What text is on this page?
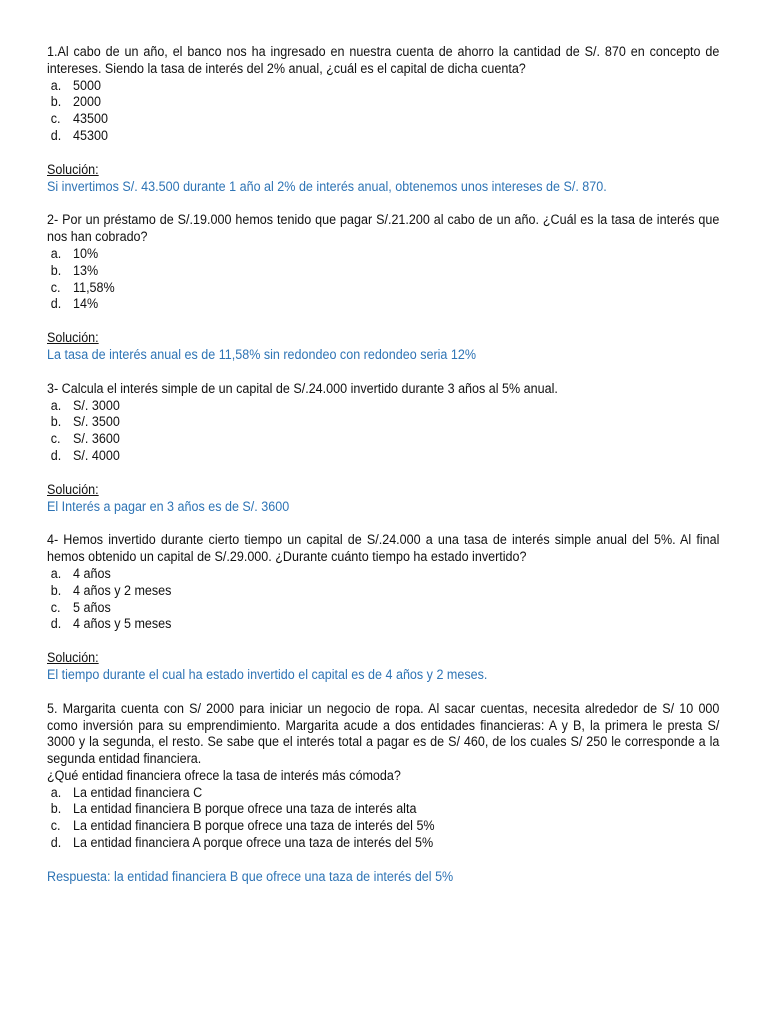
1.Al cabo de un año, el banco nos ha ingresado en nuestra cuenta de ahorro la cantidad de S/. 870 en concepto de intereses. Siendo la tasa de interés del 2% anual, ¿cuál es el capital de dicha cuenta?

a. 5000
b. 2000
c. 43500
d. 45300

Solución:

Si invertimos S/. 43.500 durante 1 año al 2% de interés anual, obtenemos unos intereses de S/. 870.

2- Por un préstamo de S/.19.000 hemos tenido que pagar S/.21.200 al cabo de un año. ¿Cuál es la tasa de interés que nos han cobrado?

a. 10%
b. 13%
c. 11,58%
d. 14%

Solución:

La tasa de interés anual es de 11,58% sin redondeo con redondeo seria 12%

3- Calcula el interés simple de un capital de S/.24.000 invertido durante 3 años al 5% anual.

a. S/. 3000
b. S/. 3500
c. S/. 3600
d. S/. 4000

Solución:

El Interés a pagar en 3 años es de S/. 3600

4- Hemos invertido durante cierto tiempo un capital de S/.24.000 a una tasa de interés simple anual del 5%. Al final hemos obtenido un capital de S/.29.000. ¿Durante cuánto tiempo ha estado invertido?

a. 4 años
b. 4 años y 2 meses
c. 5 años
d. 4 años y 5 meses

Solución:

El tiempo durante el cual ha estado invertido el capital es de 4 años y 2 meses.

5. Margarita cuenta con S/ 2000 para iniciar un negocio de ropa. Al sacar cuentas, necesita alrededor de S/ 10 000 como inversión para su emprendimiento. Margarita acude a dos entidades financieras: A y B, la primera le presta S/ 3000 y la segunda, el resto. Se sabe que el interés total a pagar es de S/ 460, de los cuales S/ 250 le corresponde a la segunda entidad financiera.

¿Qué entidad financiera ofrece la tasa de interés más cómoda?

a. La entidad financiera C
b. La entidad financiera B porque ofrece una taza de interés alta
c. La entidad financiera B porque ofrece una taza de interés del 5%
d. La entidad financiera A porque ofrece una taza de interés del 5%

Respuesta: la entidad financiera B que ofrece una taza de interés del 5%
